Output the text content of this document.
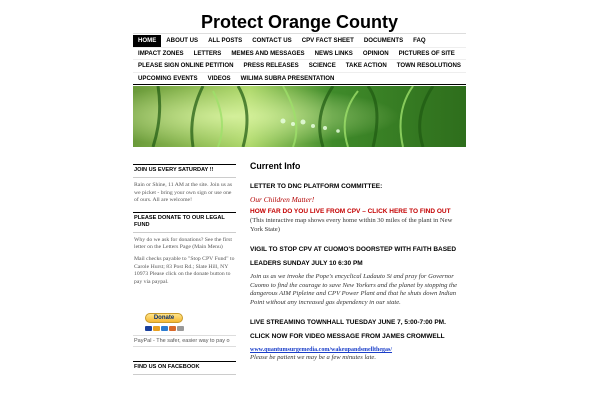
Protect Orange County
HOME	ABOUT US	ALL POSTS	CONTACT US	CPV FACT SHEET	DOCUMENTS	FAQ
IMPACT ZONES	LETTERS	MEMES AND MESSAGES	NEWS LINKS	OPINION	PICTURES OF SITE
PLEASE SIGN ONLINE PETITION	PRESS RELEASES	SCIENCE	TAKE ACTION	TOWN RESOLUTIONS
UPCOMING EVENTS	VIDEOS	WILIMA SUBRA PRESENTATION
JOIN US EVERY SATURDAY !!
Rain or Shine, 11 AM at the site. Join us as we picket - bring your own sign or use one of ours. All are welcome!
PLEASE DONATE TO OUR LEGAL FUND
Why do we ask for donations? See the first letter on the Letters Page (Main Menu)
Mail checks payable to "Stop CPV Fund" to Carole Hurst; 83 Post Rd.; Slate Hill, NY 10973 Please click on the donate button to pay via paypal.
Donate
PayPal - The safer, easier way to pay o
FIND US ON FACEBOOK
Current Info
LETTER TO DNC PLATFORM COMMITTEE:
Our Children Matter!
HOW FAR DO YOU LIVE FROM CPV – CLICK HERE TO FIND OUT
(This interactive map shows every home within 30 miles of the plant in New York State)
VIGIL TO STOP CPV AT CUOMO'S DOORSTEP WITH FAITH BASED LEADERS SUNDAY JULY 10 6:30 PM
Join us as we invoke the Pope's encyclical Ladauto Si and pray for Governor Cuomo to find the courage to save New Yorkers and the planet by stopping the dangerous AIM Pipleine and CPV Power Plant and that he shuts down Indian Point without any increased gas dependency in our state.
LIVE STREAMING TOWNHALL TUESDAY JUNE 7, 5:00-7:00 PM. CLICK NOW FOR VIDEO MESSAGE FROM JAMES CROMWELL
www.quantumsurgemedia.com/wakeupandsmellthegas/
Please be patient we may be a few minutes late.
